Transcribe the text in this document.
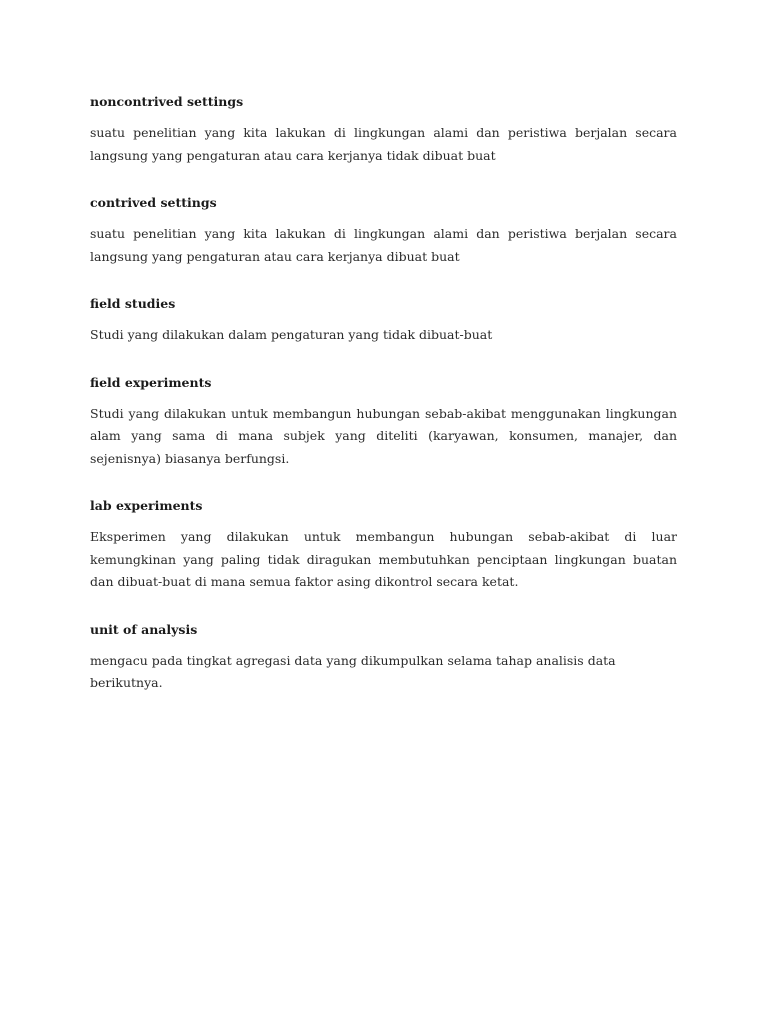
noncontrived settings

suatu penelitian yang kita lakukan di lingkungan alami dan peristiwa berjalan secara langsung yang pengaturan atau cara kerjanya tidak dibuat buat

contrived settings

suatu penelitian yang kita lakukan di lingkungan alami dan peristiwa berjalan secara langsung yang pengaturan atau cara kerjanya dibuat buat

field studies

Studi yang dilakukan dalam pengaturan yang tidak dibuat-buat

field experiments

Studi yang dilakukan untuk membangun hubungan sebab-akibat menggunakan lingkungan alam yang sama di mana subjek yang diteliti (karyawan, konsumen, manajer, dan sejenisnya) biasanya berfungsi.

lab experiments

Eksperimen yang dilakukan untuk membangun hubungan sebab-akibat di luar kemungkinan yang paling tidak diragukan membutuhkan penciptaan lingkungan buatan dan dibuat-buat di mana semua faktor asing dikontrol secara ketat.

unit of analysis

mengacu pada tingkat agregasi data yang dikumpulkan selama tahap analisis data berikutnya.
